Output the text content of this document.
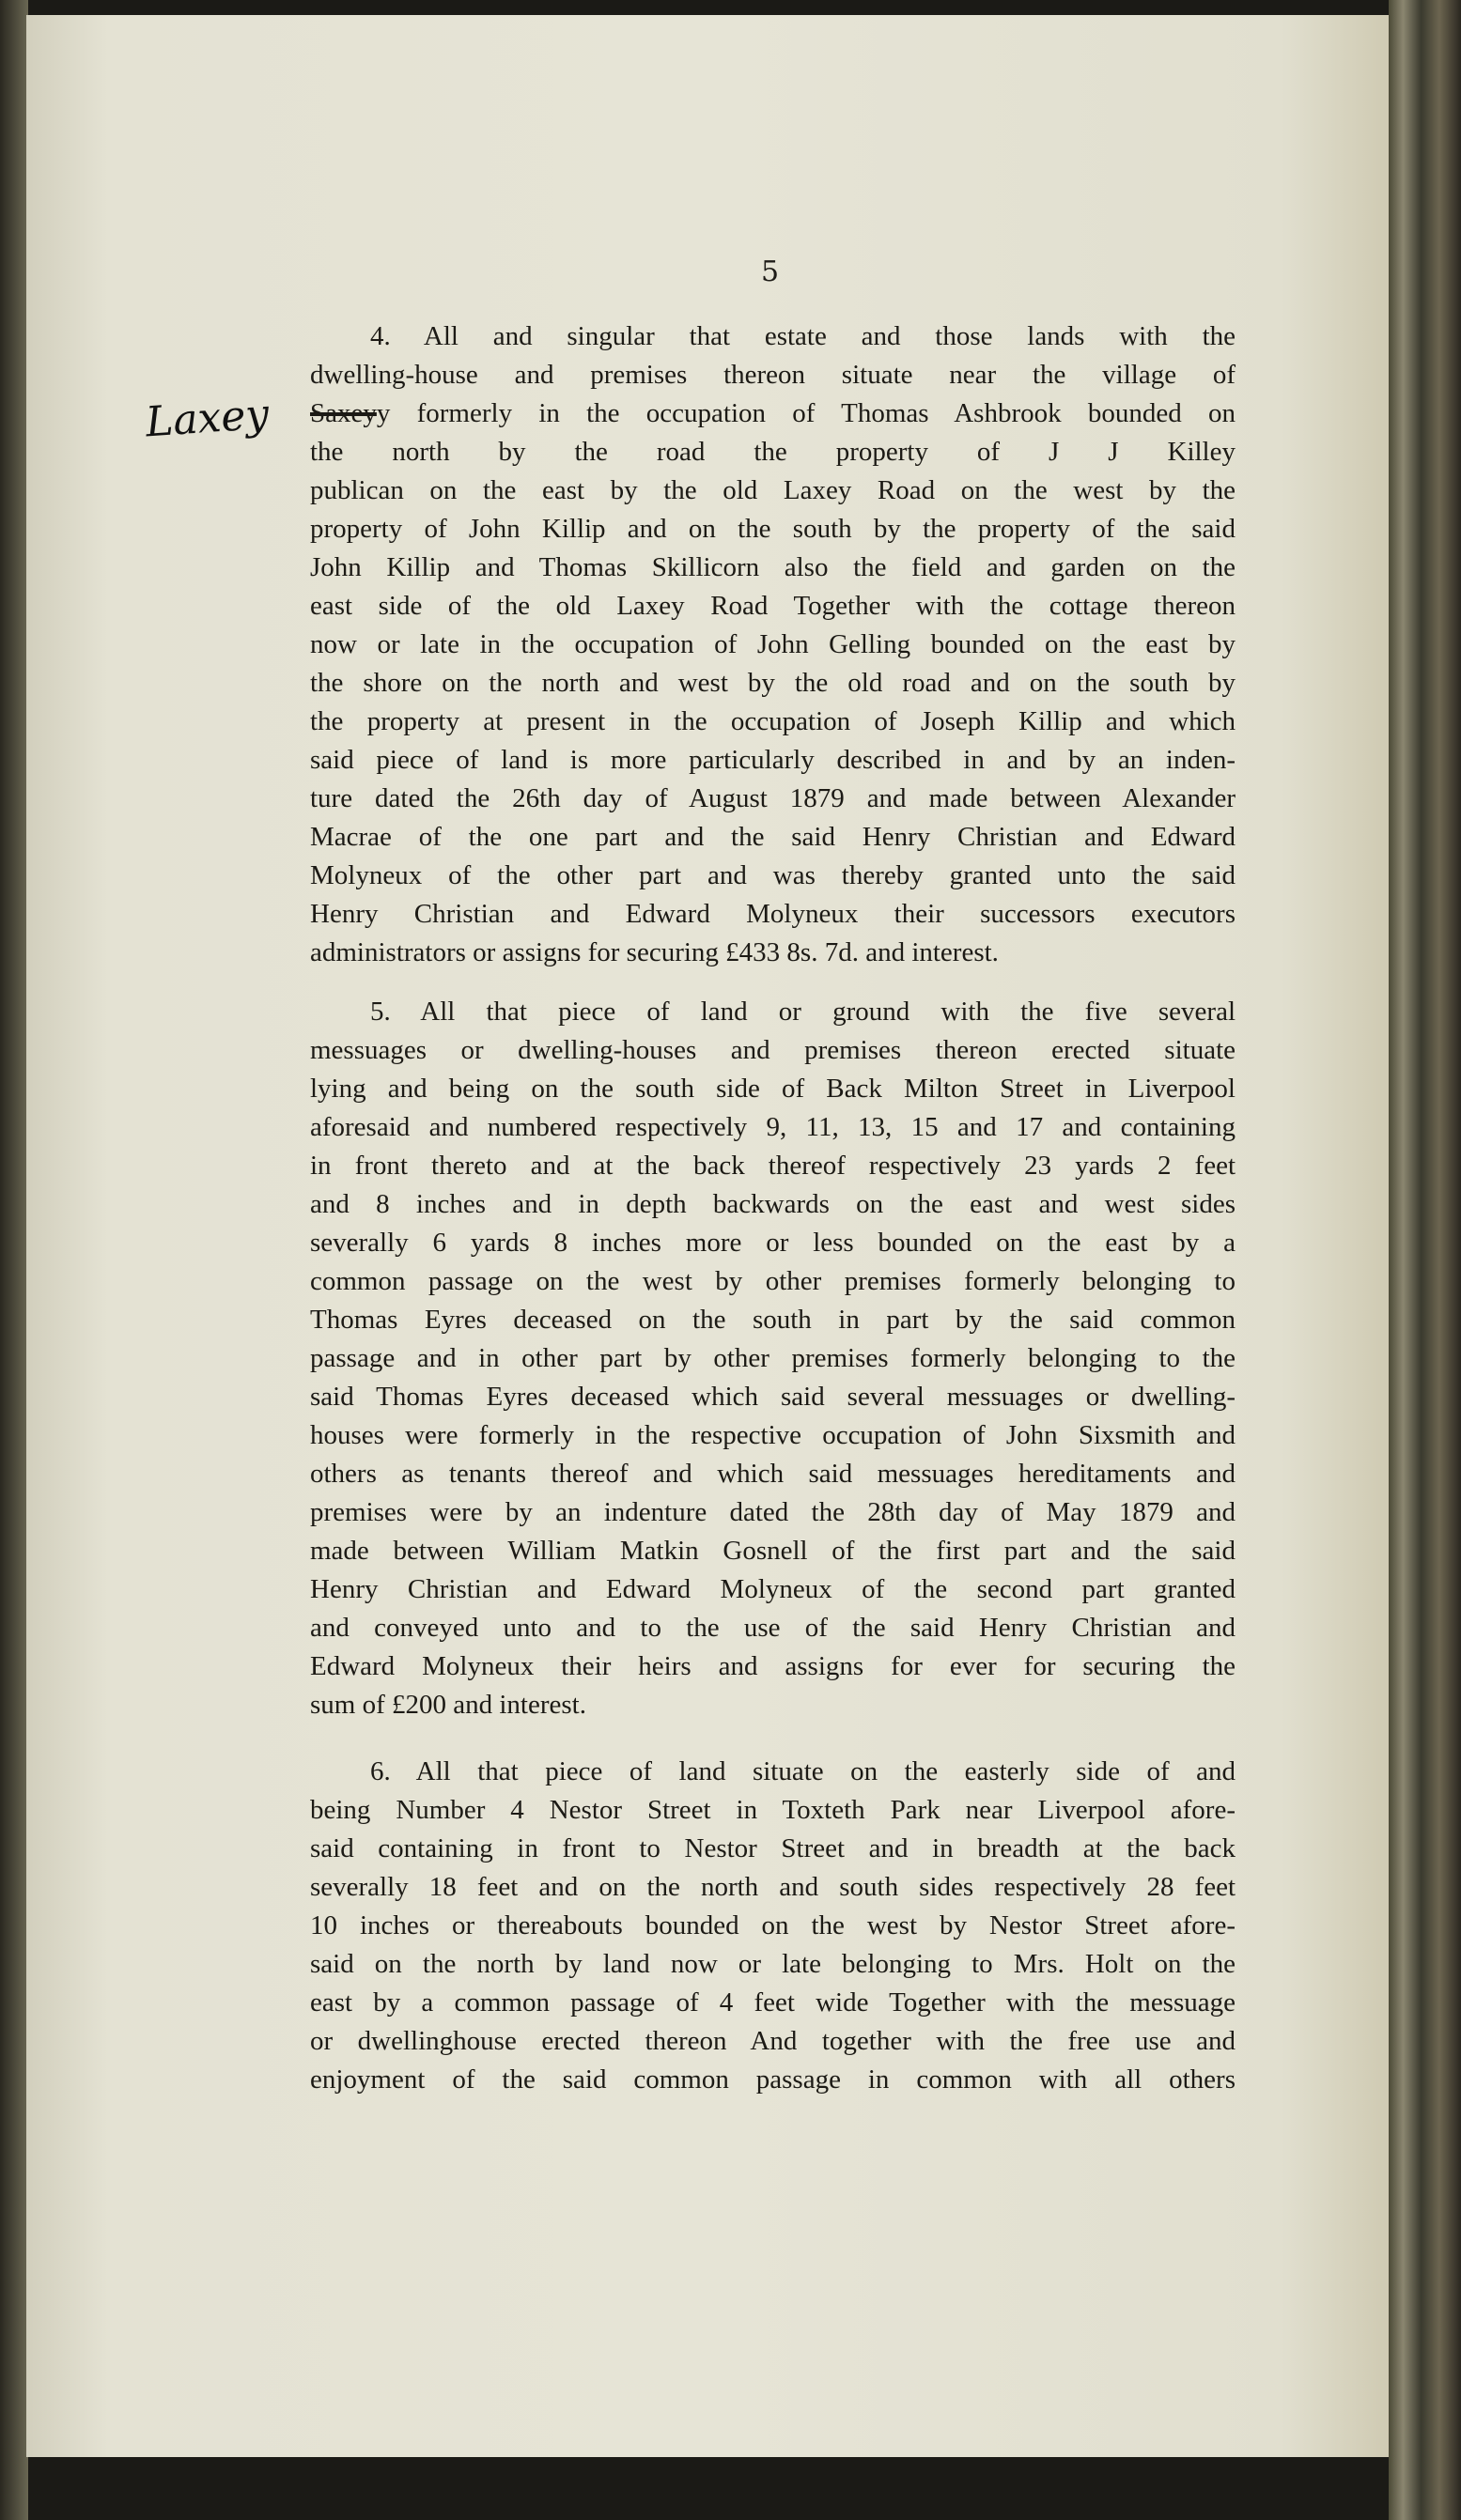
5
Laxey
4. All and singular that estate and those lands with the
dwelling-house and premises thereon situate near the village of
Saxeyy formerly in the occupation of Thomas Ashbrook bounded on
the north by the road the property of J J Killey
publican on the east by the old Laxey Road on the west by the
property of John Killip and on the south by the property of the said
John Killip and Thomas Skillicorn also the field and garden on the
east side of the old Laxey Road Together with the cottage thereon
now or late in the occupation of John Gelling bounded on the east by
the shore on the north and west by the old road and on the south by
the property at present in the occupation of Joseph Killip and which
said piece of land is more particularly described in and by an inden-
ture dated the 26th day of August 1879 and made between Alexander
Macrae of the one part and the said Henry Christian and Edward
Molyneux of the other part and was thereby granted unto the said
Henry Christian and Edward Molyneux their successors executors
administrators or assigns for securing £433 8s. 7d. and interest.
5. All that piece of land or ground with the five several
messuages or dwelling-houses and premises thereon erected situate
lying and being on the south side of Back Milton Street in Liverpool
aforesaid and numbered respectively 9, 11, 13, 15 and 17 and containing
in front thereto and at the back thereof respectively 23 yards 2 feet
and 8 inches and in depth backwards on the east and west sides
severally 6 yards 8 inches more or less bounded on the east by a
common passage on the west by other premises formerly belonging to
Thomas Eyres deceased on the south in part by the said common
passage and in other part by other premises formerly belonging to the
said Thomas Eyres deceased which said several messuages or dwelling-
houses were formerly in the respective occupation of John Sixsmith and
others as tenants thereof and which said messuages hereditaments and
premises were by an indenture dated the 28th day of May 1879 and
made between William Matkin Gosnell of the first part and the said
Henry Christian and Edward Molyneux of the second part granted
and conveyed unto and to the use of the said Henry Christian and
Edward Molyneux their heirs and assigns for ever for securing the
sum of £200 and interest.
6. All that piece of land situate on the easterly side of and
being Number 4 Nestor Street in Toxteth Park near Liverpool afore-
said containing in front to Nestor Street and in breadth at the back
severally 18 feet and on the north and south sides respectively 28 feet
10 inches or thereabouts bounded on the west by Nestor Street afore-
said on the north by land now or late belonging to Mrs. Holt on the
east by a common passage of 4 feet wide Together with the messuage
or dwellinghouse erected thereon And together with the free use and
enjoyment of the said common passage in common with all others
